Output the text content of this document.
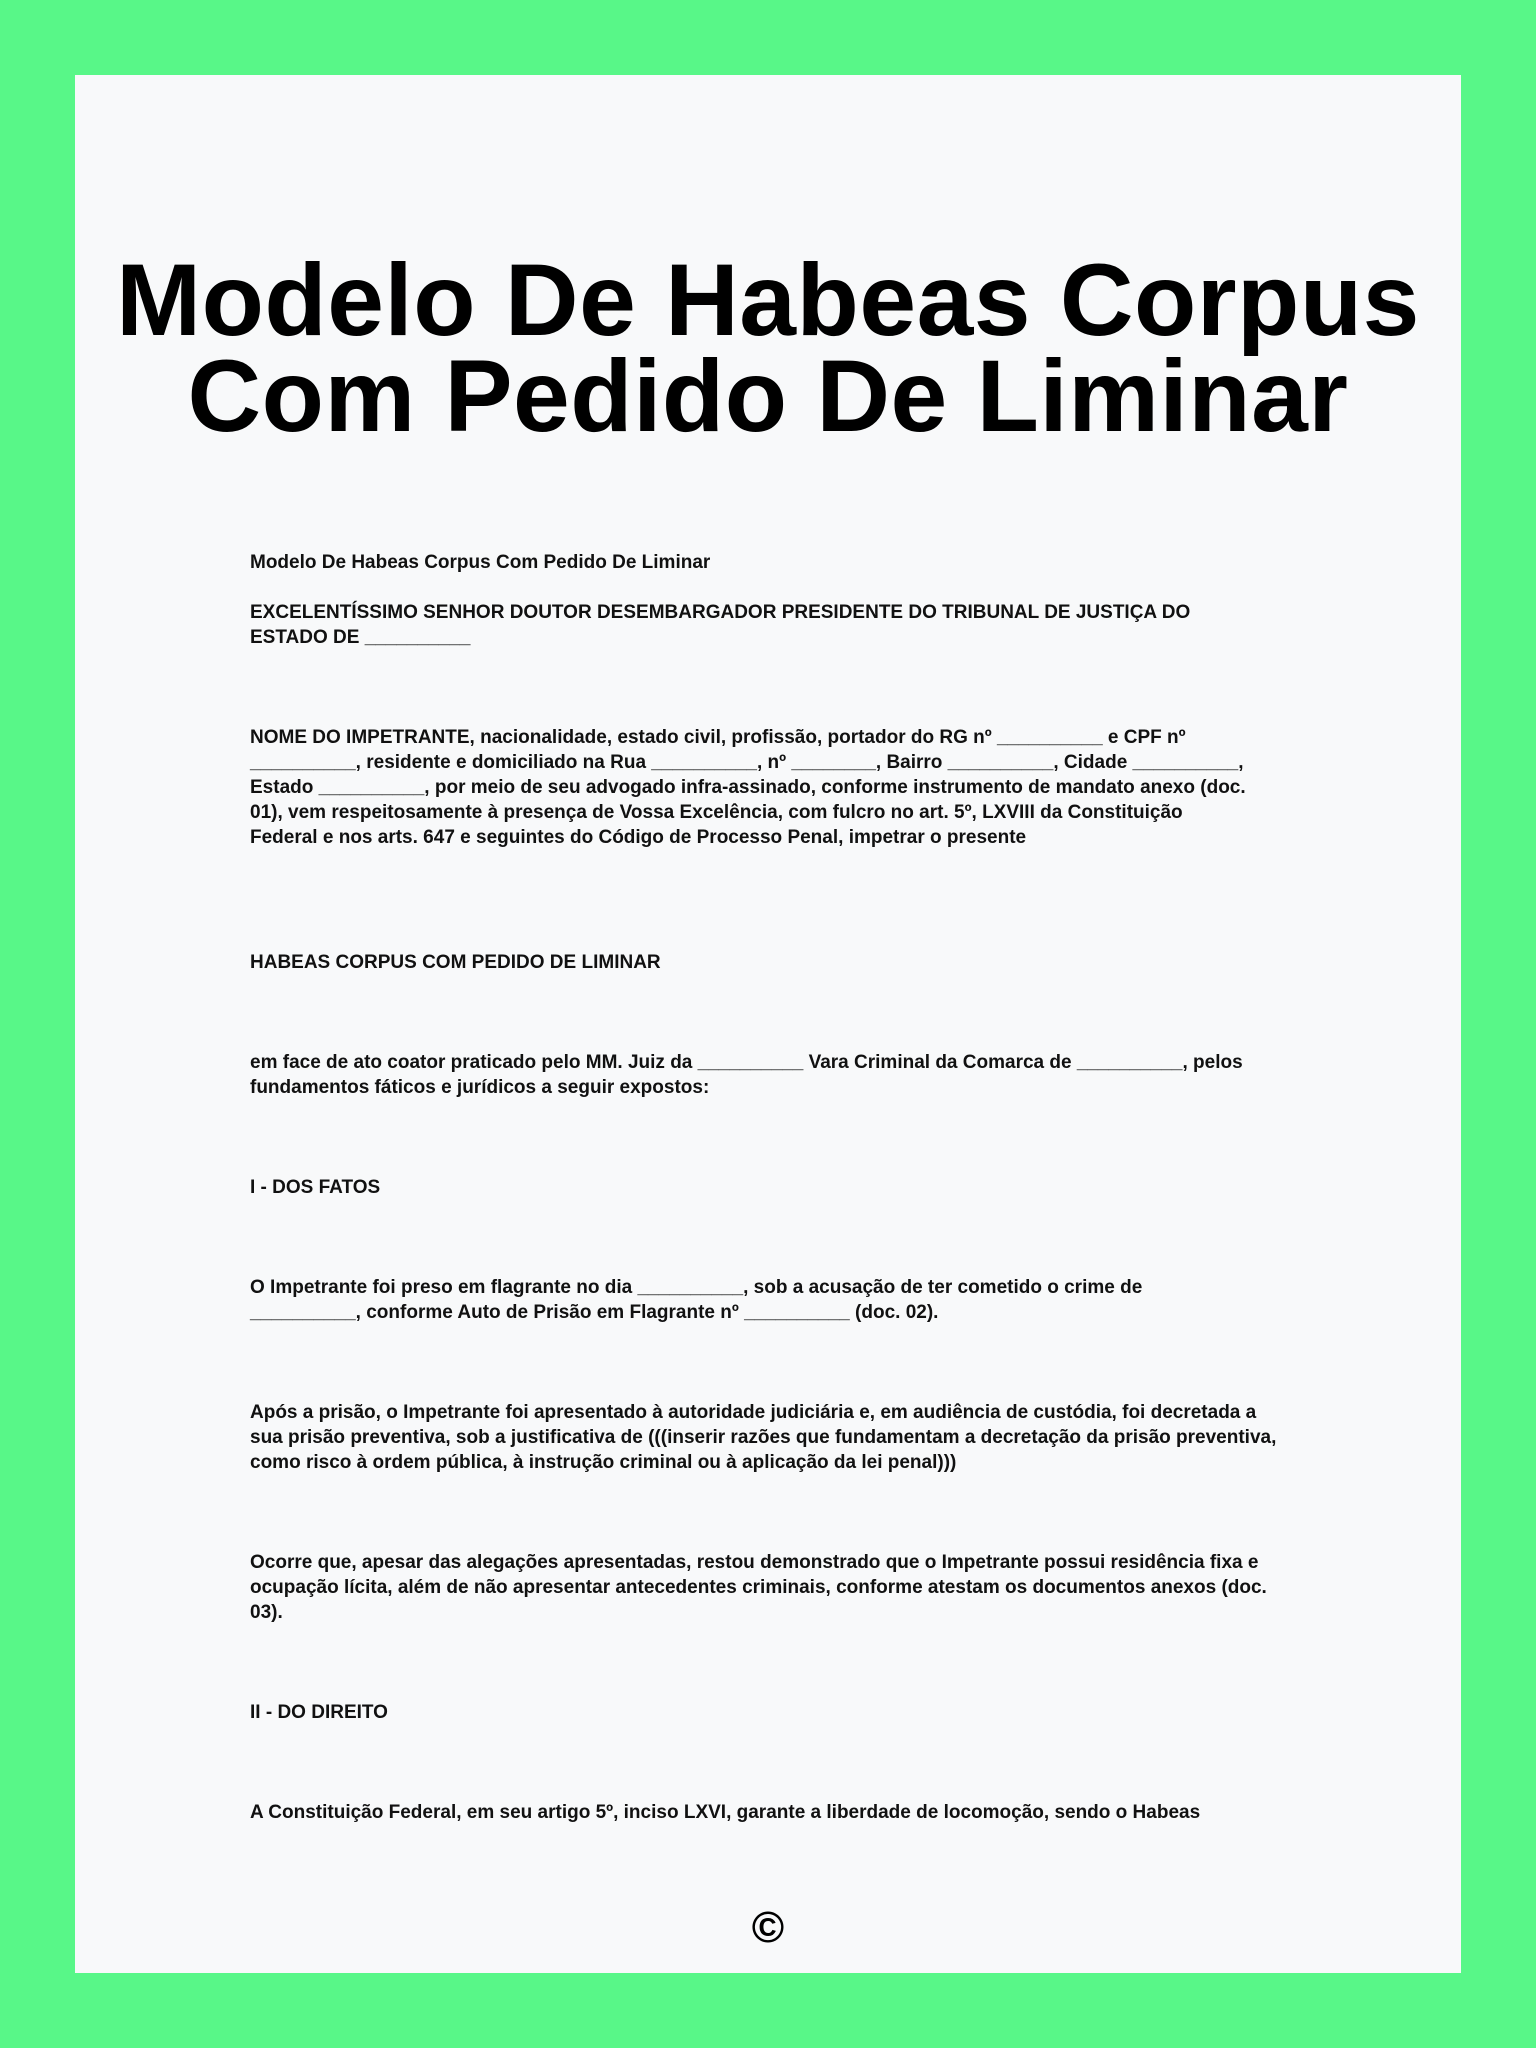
Modelo De Habeas Corpus
Com Pedido De Liminar

Modelo De Habeas Corpus Com Pedido De Liminar

EXCELENTÍSSIMO SENHOR DOUTOR DESEMBARGADOR PRESIDENTE DO TRIBUNAL DE JUSTIÇA DO ESTADO DE __________

NOME DO IMPETRANTE, nacionalidade, estado civil, profissão, portador do RG nº __________ e CPF nº __________, residente e domiciliado na Rua __________, nº ________, Bairro __________, Cidade __________, Estado __________, por meio de seu advogado infra-assinado, conforme instrumento de mandato anexo (doc. 01), vem respeitosamente à presença de Vossa Excelência, com fulcro no art. 5º, LXVIII da Constituição Federal e nos arts. 647 e seguintes do Código de Processo Penal, impetrar o presente

HABEAS CORPUS COM PEDIDO DE LIMINAR

em face de ato coator praticado pelo MM. Juiz da __________ Vara Criminal da Comarca de __________, pelos fundamentos fáticos e jurídicos a seguir expostos:

I - DOS FATOS

O Impetrante foi preso em flagrante no dia __________, sob a acusação de ter cometido o crime de __________, conforme Auto de Prisão em Flagrante nº __________ (doc. 02).

Após a prisão, o Impetrante foi apresentado à autoridade judiciária e, em audiência de custódia, foi decretada a sua prisão preventiva, sob a justificativa de (((inserir razões que fundamentam a decretação da prisão preventiva, como risco à ordem pública, à instrução criminal ou à aplicação da lei penal)))

Ocorre que, apesar das alegações apresentadas, restou demonstrado que o Impetrante possui residência fixa e ocupação lícita, além de não apresentar antecedentes criminais, conforme atestam os documentos anexos (doc. 03).

II - DO DIREITO

A Constituição Federal, em seu artigo 5º, inciso LXVI, garante a liberdade de locomoção, sendo o Habeas

©
